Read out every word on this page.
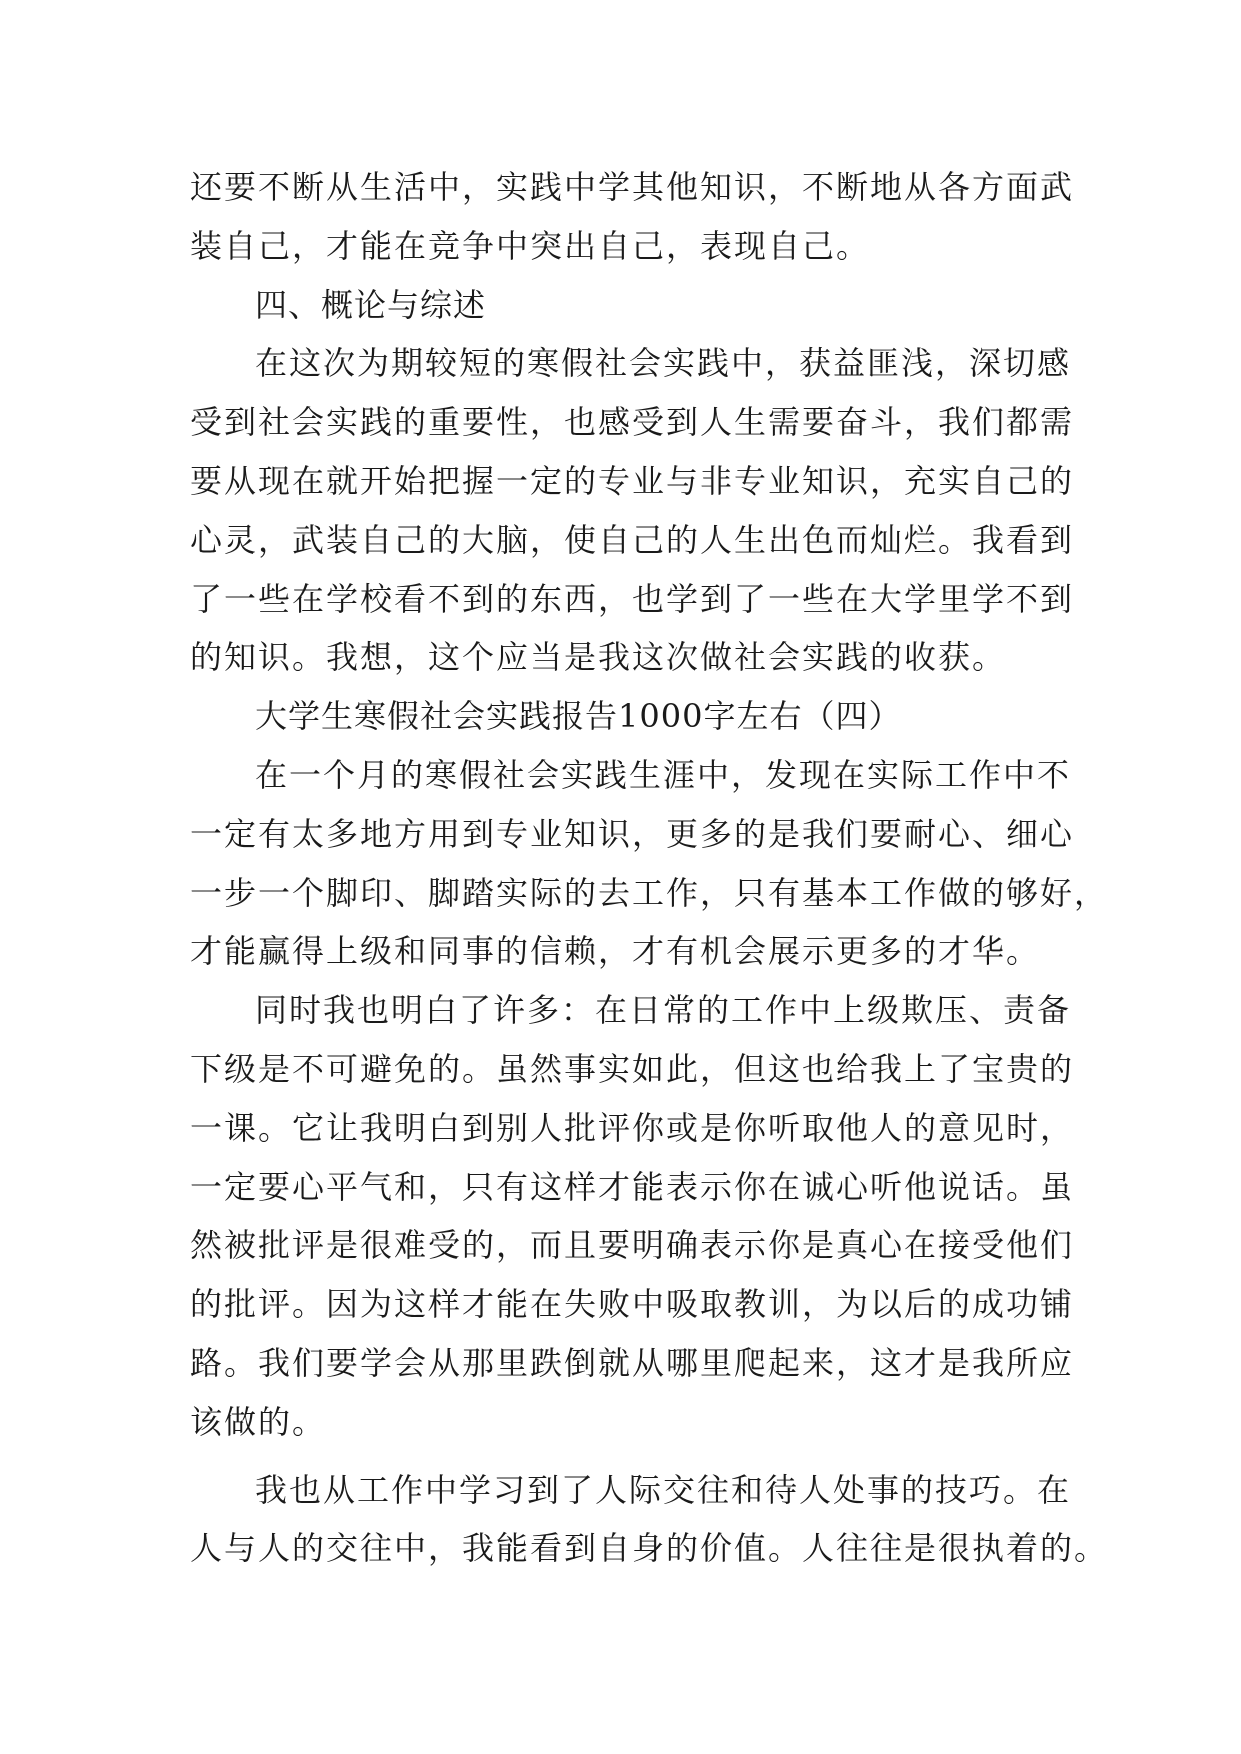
还要不断从生活中，实践中学其他知识，不断地从各方面武
装自己，才能在竞争中突出自己，表现自己。
四、概论与综述
在这次为期较短的寒假社会实践中，获益匪浅，深切感
受到社会实践的重要性，也感受到人生需要奋斗，我们都需
要从现在就开始把握一定的专业与非专业知识，充实自己的
心灵，武装自己的大脑，使自己的人生出色而灿烂。我看到
了一些在学校看不到的东西，也学到了一些在大学里学不到
的知识。我想，这个应当是我这次做社会实践的收获。
大学生寒假社会实践报告1000字左右（四）
在一个月的寒假社会实践生涯中，发现在实际工作中不
一定有太多地方用到专业知识，更多的是我们要耐心、细心
一步一个脚印、脚踏实际的去工作，只有基本工作做的够好，
才能赢得上级和同事的信赖，才有机会展示更多的才华。
同时我也明白了许多：在日常的工作中上级欺压、责备
下级是不可避免的。虽然事实如此，但这也给我上了宝贵的
一课。它让我明白到别人批评你或是你听取他人的意见时，
一定要心平气和，只有这样才能表示你在诚心听他说话。虽
然被批评是很难受的，而且要明确表示你是真心在接受他们
的批评。因为这样才能在失败中吸取教训，为以后的成功铺
路。我们要学会从那里跌倒就从哪里爬起来，这才是我所应
该做的。
我也从工作中学习到了人际交往和待人处事的技巧。在
人与人的交往中，我能看到自身的价值。人往往是很执着的。
